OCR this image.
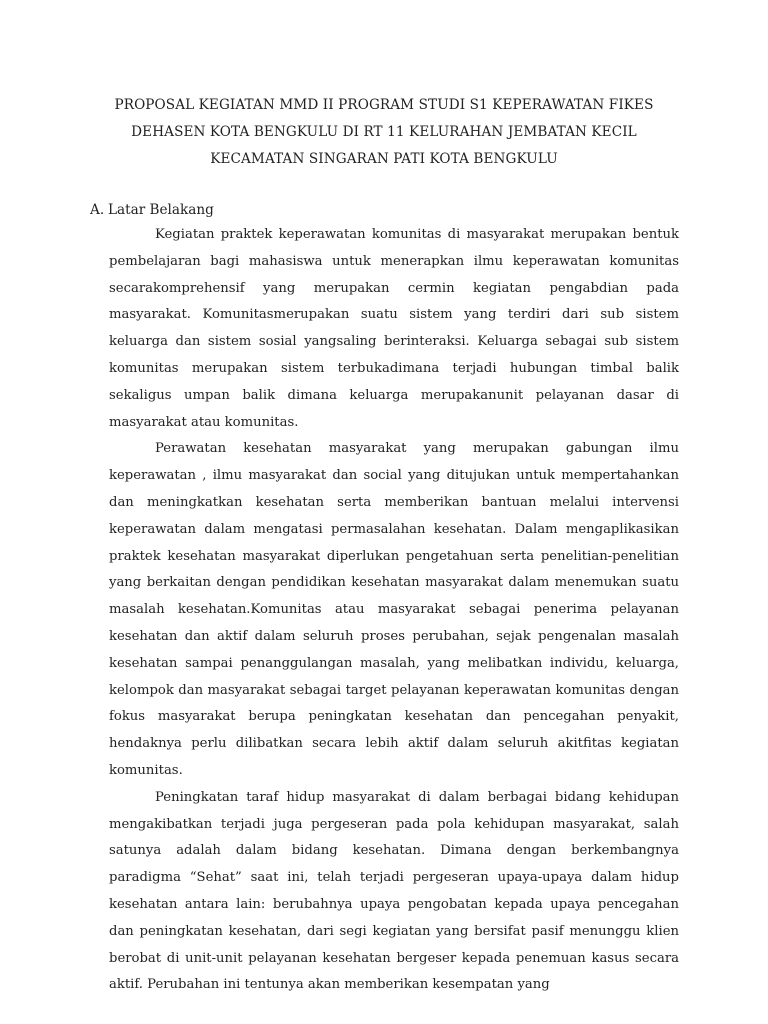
PROPOSAL KEGIATAN MMD II PROGRAM STUDI S1 KEPERAWATAN FIKES
DEHASEN KOTA BENGKULU DI RT 11 KELURAHAN JEMBATAN KECIL
KECAMATAN SINGARAN PATI KOTA BENGKULU
A. Latar Belakang

Kegiatan praktek keperawatan komunitas di masyarakat merupakan bentuk pembelajaran bagi mahasiswa untuk menerapkan ilmu keperawatan komunitas secarakomprehensif yang merupakan cermin kegiatan pengabdian pada masyarakat. Komunitasmerupakan suatu sistem yang terdiri dari sub sistem keluarga dan sistem sosial yangsaling berinteraksi. Keluarga sebagai sub sistem komunitas merupakan sistem terbukadimana terjadi hubungan timbal balik sekaligus umpan balik dimana keluarga merupakanunit pelayanan dasar di masyarakat atau komunitas.

Perawatan kesehatan masyarakat yang merupakan gabungan ilmu keperawatan , ilmu masyarakat dan social yang ditujukan untuk mempertahankan dan meningkatkan kesehatan serta memberikan bantuan melalui intervensi keperawatan dalam mengatasi permasalahan kesehatan. Dalam mengaplikasikan praktek kesehatan masyarakat diperlukan pengetahuan serta penelitian-penelitian yang berkaitan dengan pendidikan kesehatan masyarakat dalam menemukan suatu masalah kesehatan.Komunitas atau masyarakat sebagai penerima pelayanan kesehatan dan aktif dalam seluruh proses perubahan, sejak pengenalan masalah kesehatan sampai penanggulangan masalah, yang melibatkan individu, keluarga, kelompok dan masyarakat sebagai target pelayanan keperawatan komunitas dengan fokus masyarakat berupa peningkatan kesehatan dan pencegahan penyakit, hendaknya perlu dilibatkan secara lebih aktif dalam seluruh akitfitas kegiatan komunitas.

Peningkatan taraf hidup masyarakat di dalam berbagai bidang kehidupan mengakibatkan terjadi juga pergeseran pada pola kehidupan masyarakat, salah satunya adalah dalam bidang kesehatan. Dimana dengan berkembangnya paradigma “Sehat” saat ini, telah terjadi pergeseran upaya-upaya dalam hidup kesehatan antara lain: berubahnya upaya pengobatan kepada upaya pencegahan dan peningkatan kesehatan, dari segi kegiatan yang bersifat pasif menunggu klien berobat di unit-unit pelayanan kesehatan bergeser kepada penemuan kasus secara aktif. Perubahan ini tentunya akan memberikan kesempatan yang
